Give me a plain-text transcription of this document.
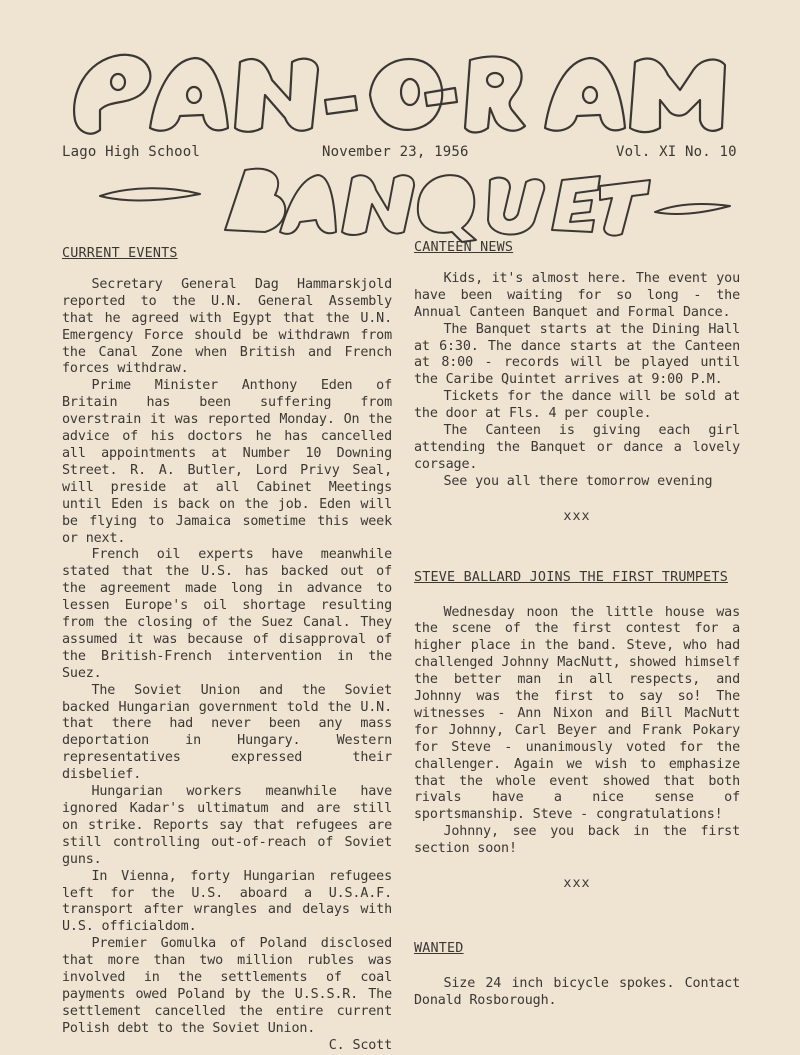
Lago High School	November 23, 1956	Vol. XI No. 10
CURRENT EVENTS

Secretary General Dag Hammarskjold reported to the U.N. General Assembly that he agreed with Egypt that the U.N. Emergency Force should be withdrawn from the Canal Zone when British and French forces withdraw.

Prime Minister Anthony Eden of Britain has been suffering from overstrain it was reported Monday. On the advice of his doctors he has cancelled all appointments at Number 10 Downing Street. R. A. Butler, Lord Privy Seal, will preside at all Cabinet Meetings until Eden is back on the job. Eden will be flying to Jamaica sometime this week or next.

French oil experts have meanwhile stated that the U.S. has backed out of the agreement made long in advance to lessen Europe's oil shortage resulting from the closing of the Suez Canal. They assumed it was because of disapproval of the British-French intervention in the Suez.

The Soviet Union and the Soviet backed Hungarian government told the U.N. that there had never been any mass deportation in Hungary. Western representatives expressed their disbelief.

Hungarian workers meanwhile have ignored Kadar's ultimatum and are still on strike. Reports say that refugees are still controlling out-of-reach of Soviet guns.

In Vienna, forty Hungarian refugees left for the U.S. aboard a U.S.A.F. transport after wrangles and delays with U.S. officialdom.

Premier Gomulka of Poland disclosed that more than two million rubles was involved in the settlements of coal payments owed Poland by the U.S.S.R. The settlement cancelled the entire current Polish debt to the Soviet Union.

C. Scott
CANTEEN NEWS

Kids, it's almost here. The event you have been waiting for so long - the Annual Canteen Banquet and Formal Dance.

The Banquet starts at the Dining Hall at 6:30. The dance starts at the Canteen at 8:00 - records will be played until the Caribe Quintet arrives at 9:00 P.M.

Tickets for the dance will be sold at the door at Fls. 4 per couple.

The Canteen is giving each girl attending the Banquet or dance a lovely corsage.

See you all there tomorrow evening

xxx
STEVE BALLARD JOINS THE FIRST TRUMPETS

Wednesday noon the little house was the scene of the first contest for a higher place in the band. Steve, who had challenged Johnny MacNutt, showed himself the better man in all respects, and Johnny was the first to say so! The witnesses - Ann Nixon and Bill MacNutt for Johnny, Carl Beyer and Frank Pokary for Steve - unanimously voted for the challenger. Again we wish to emphasize that the whole event showed that both rivals have a nice sense of sportsmanship. Steve - congratulations!

Johnny, see you back in the first section soon!

xxx
WANTED

Size 24 inch bicycle spokes. Contact Donald Rosborough.
